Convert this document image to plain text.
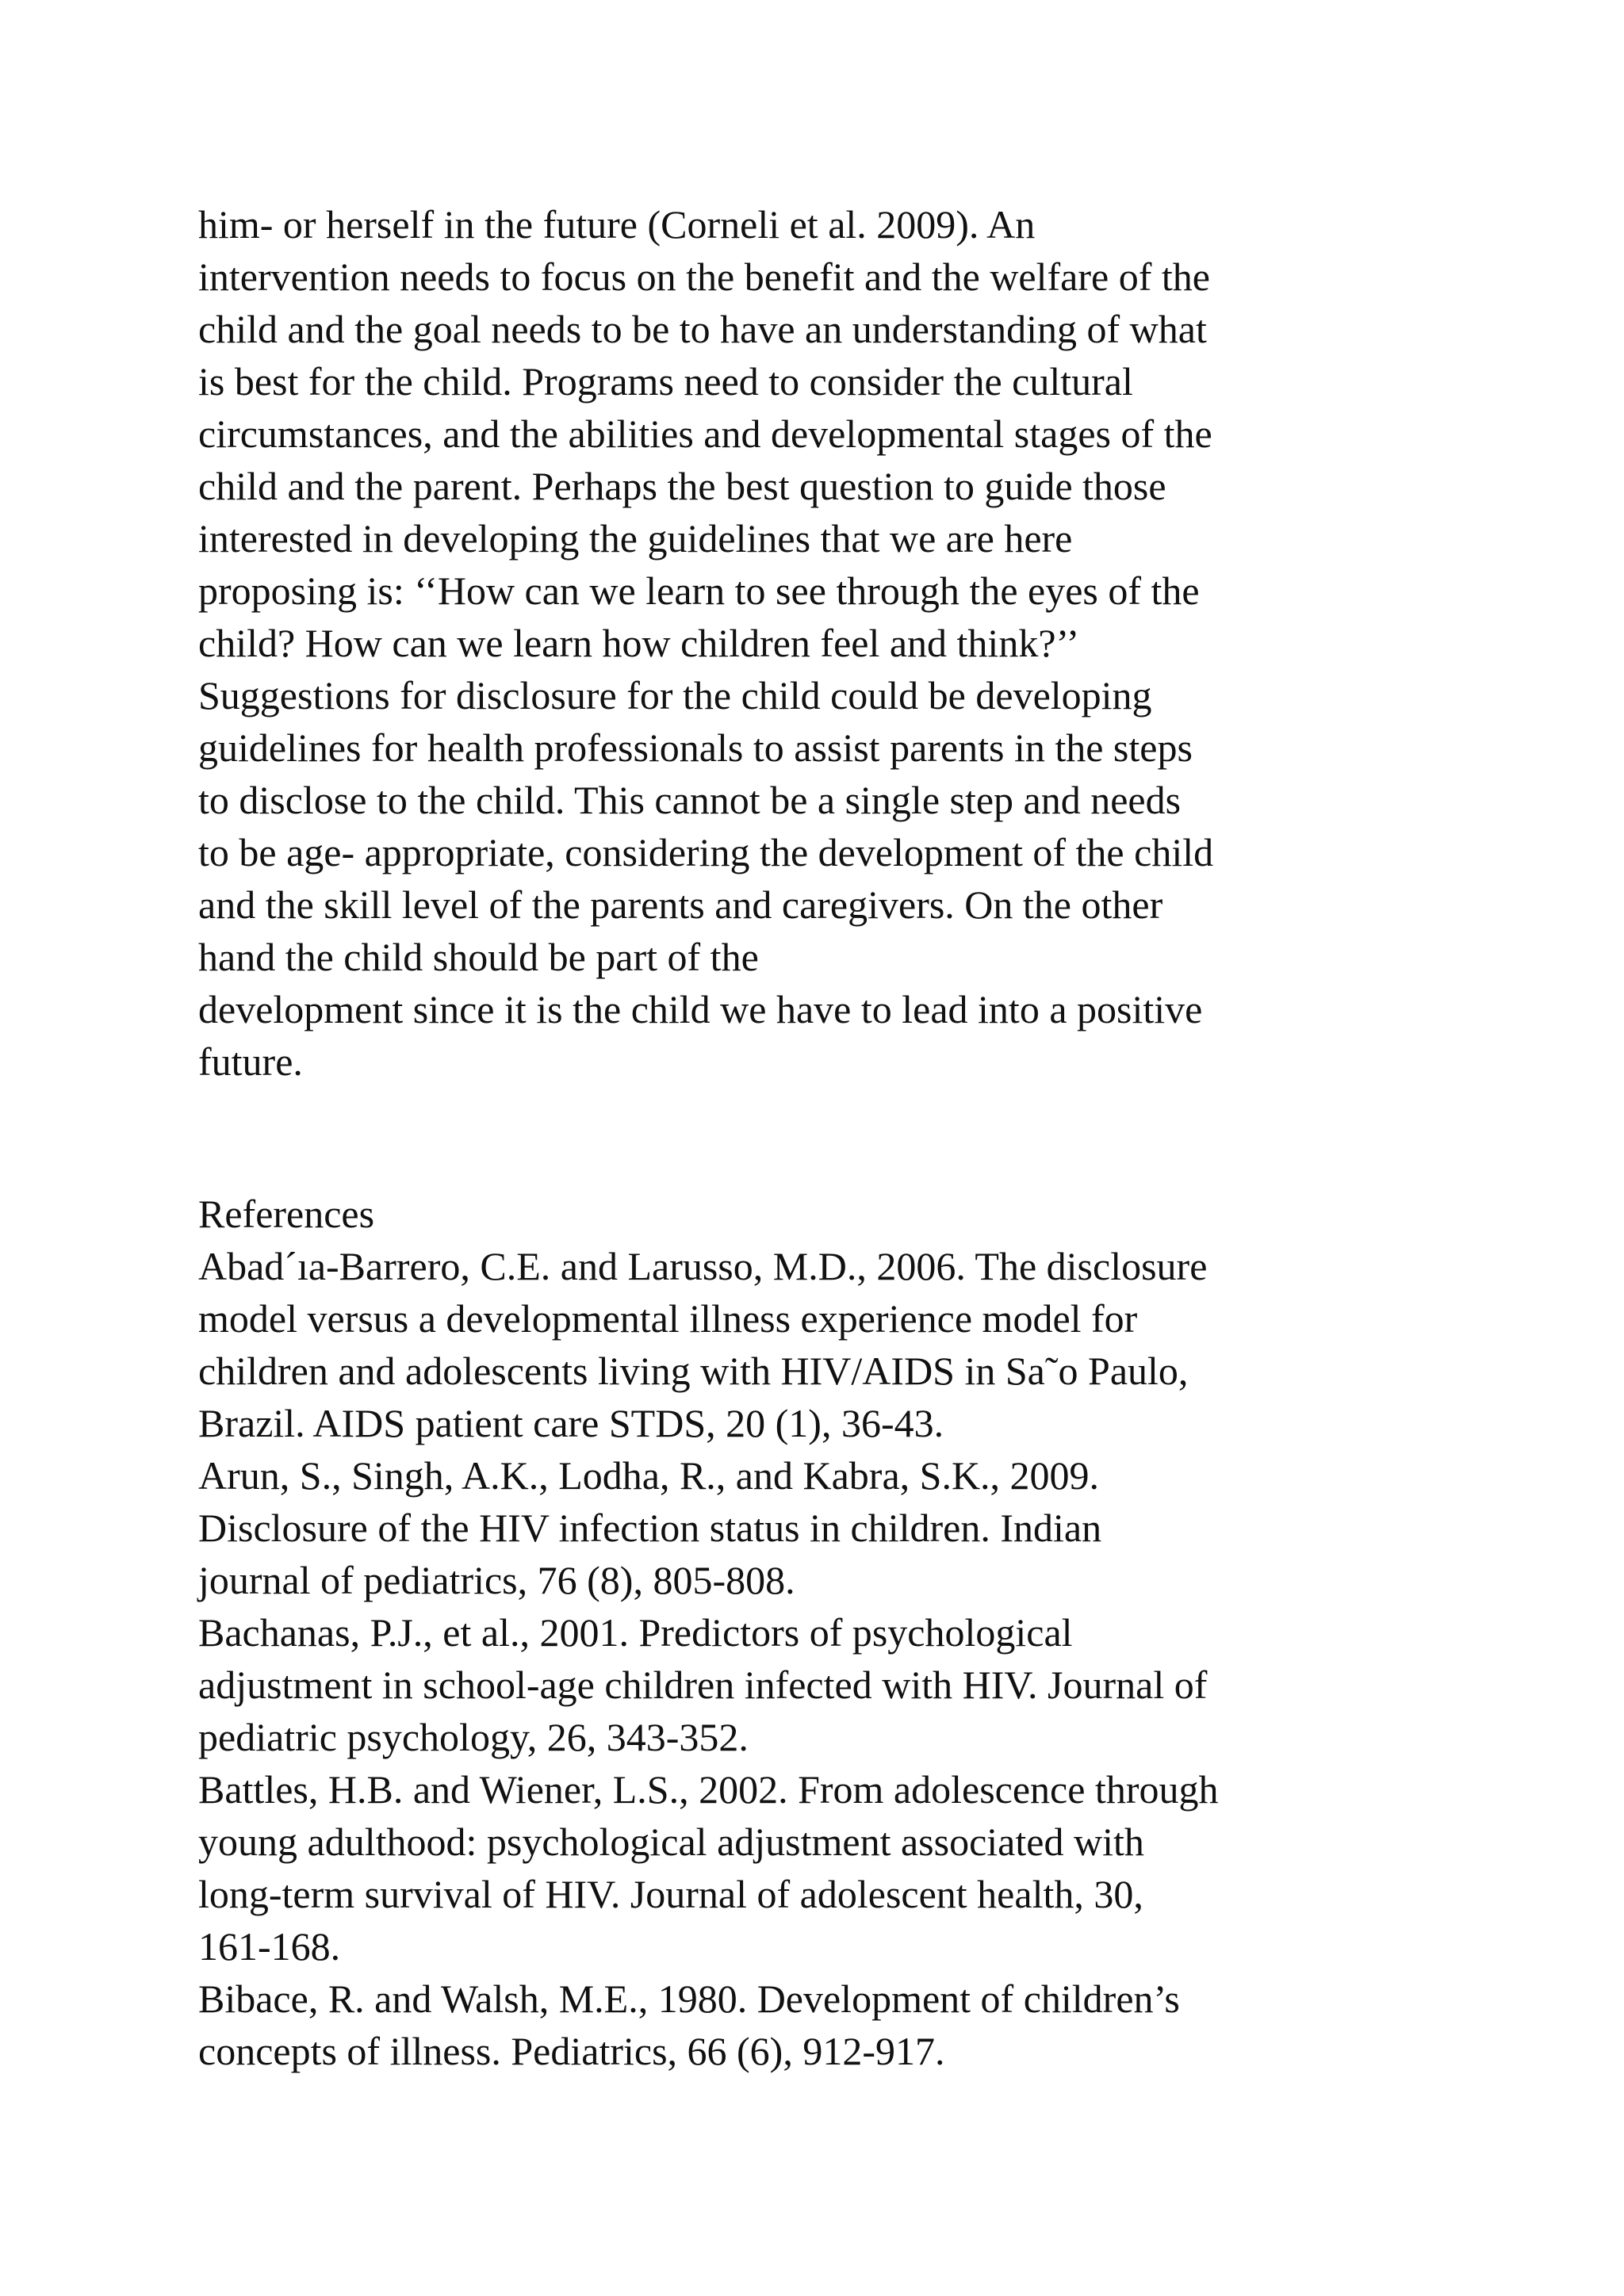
him- or herself in the future (Corneli et al. 2009). An
intervention needs to focus on the benefit and the welfare of the
child and the goal needs to be to have an understanding of what
is best for the child. Programs need to consider the cultural
circumstances, and the abilities and developmental stages of the
child and the parent. Perhaps the best question to guide those
interested in developing the guidelines that we are here
proposing is: ‘‘How can we learn to see through the eyes of the
child? How can we learn how children feel and think?’’
Suggestions for disclosure for the child could be developing
guidelines for health professionals to assist parents in the steps
to disclose to the child. This cannot be a single step and needs
to be age- appropriate, considering the development of the child
and the skill level of the parents and caregivers. On the other
hand the child should be part of the
development since it is the child we have to lead into a positive
future.
References
Abad´ıa-Barrero, C.E. and Larusso, M.D., 2006. The disclosure
model versus a developmental illness experience model for
children and adolescents living with HIV/AIDS in Sa˜o Paulo,
Brazil. AIDS patient care STDS, 20 (1), 36-43.
Arun, S., Singh, A.K., Lodha, R., and Kabra, S.K., 2009.
Disclosure of the HIV infection status in children. Indian
journal of pediatrics, 76 (8), 805-808.
Bachanas, P.J., et al., 2001. Predictors of psychological
adjustment in school-age children infected with HIV. Journal of
pediatric psychology, 26, 343-352.
Battles, H.B. and Wiener, L.S., 2002. From adolescence through
young adulthood: psychological adjustment associated with
long-term survival of HIV. Journal of adolescent health, 30,
161-168.
Bibace, R. and Walsh, M.E., 1980. Development of children’s
concepts of illness. Pediatrics, 66 (6), 912-917.
